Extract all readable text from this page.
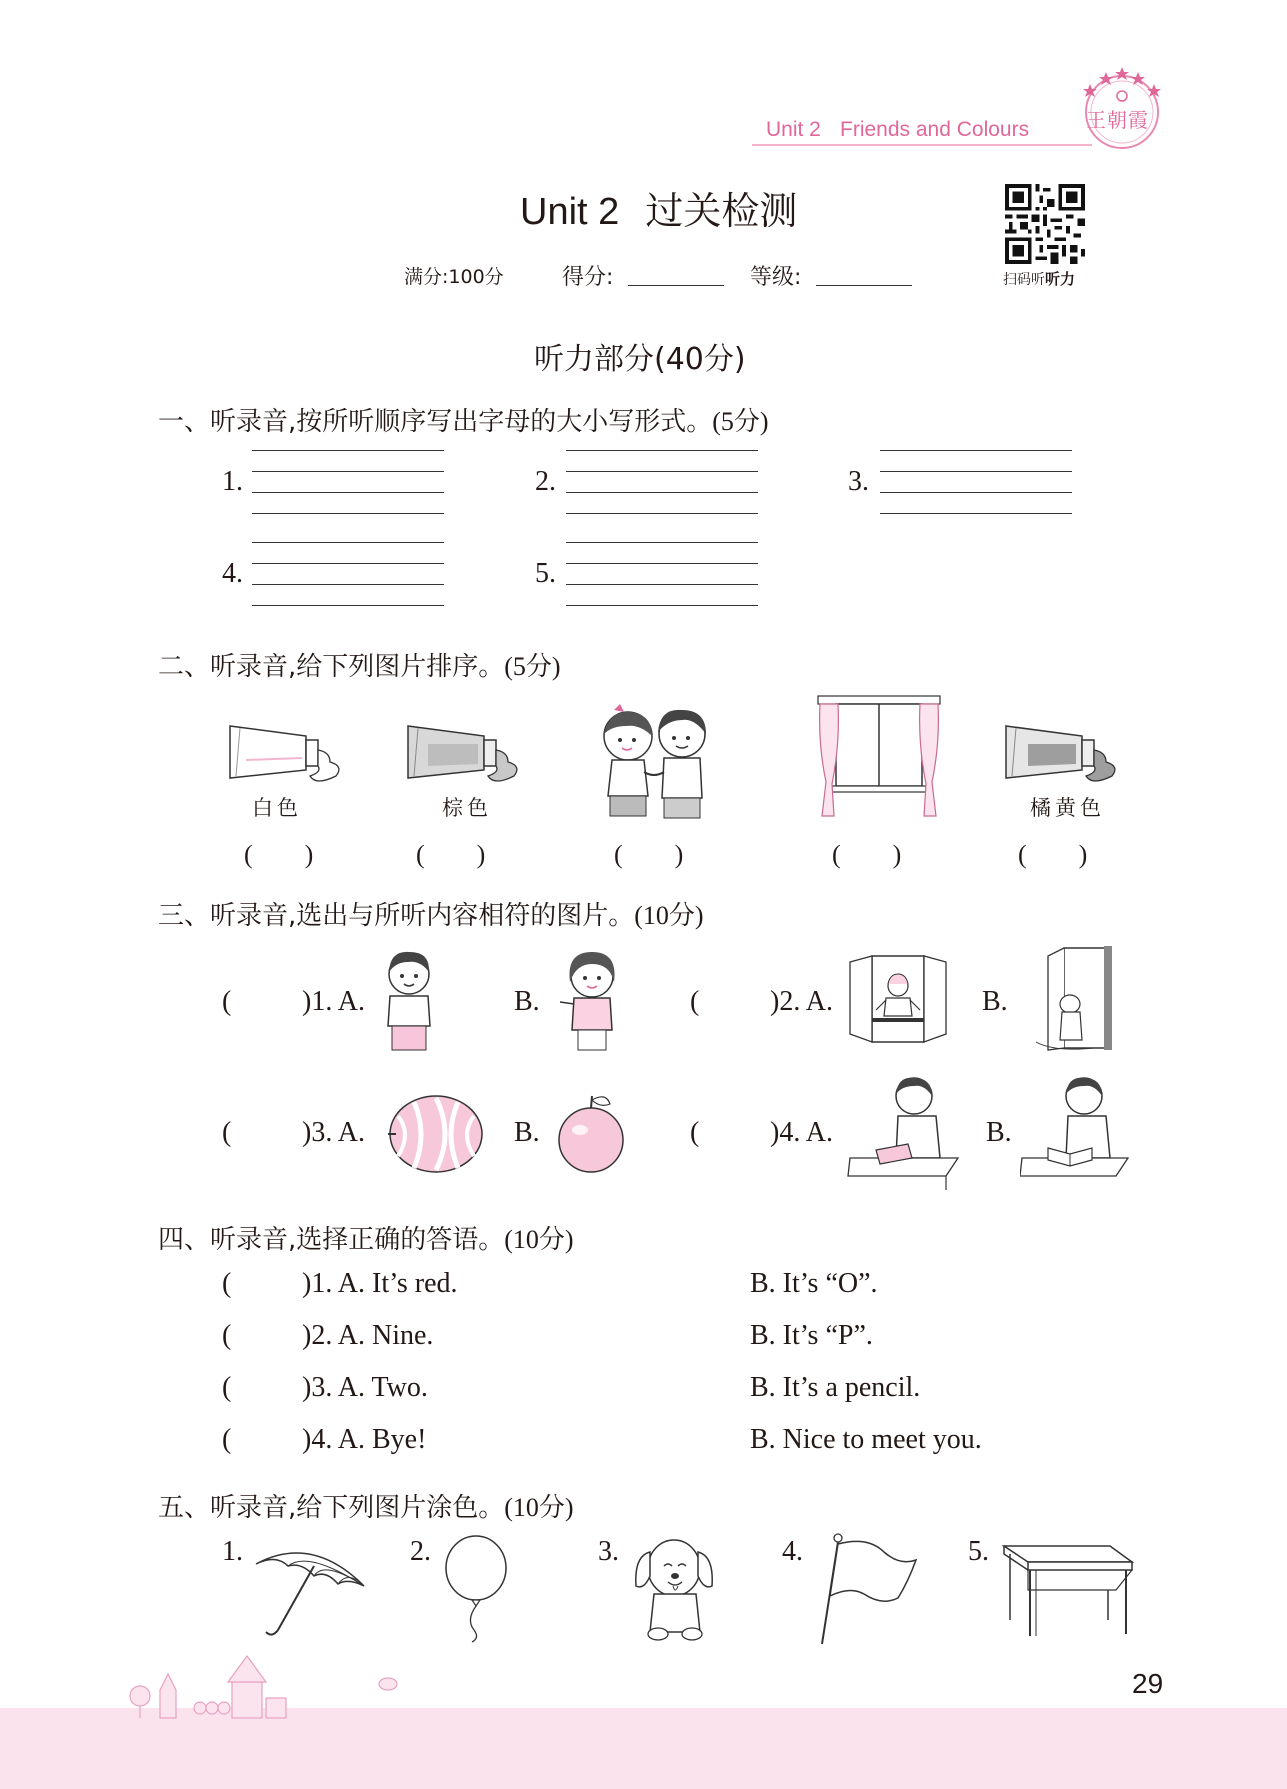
Unit 2 Friends and Colours	王朝霞
Unit 2 过关检测
扫码听听力
满分:100分	得分:	等级:
听力部分(40分)
一、听录音,按所听顺序写出字母的大小写形式。(5分)
1.	2.	3.
4.	5.
二、听录音,给下列图片排序。(5分)
白色	棕色	橘黄色
(　　)	(　　)	(　　)	(　　)	(　　)
三、听录音,选出与所听内容相符的图片。(10分)
(	)1. A.	B.	(	)2. A.	B.
(	)3. A.	B.	(	)4. A.	B.
四、听录音,选择正确的答语。(10分)
(	)1. A. It’s red.	B. It’s “O”.
(	)2. A. Nine.	B. It’s “P”.
(	)3. A. Two.	B. It’s a pencil.
(	)4. A. Bye!	B. Nice to meet you.
五、听录音,给下列图片涂色。(10分)
1.	2.	3.	4.	5.
29
